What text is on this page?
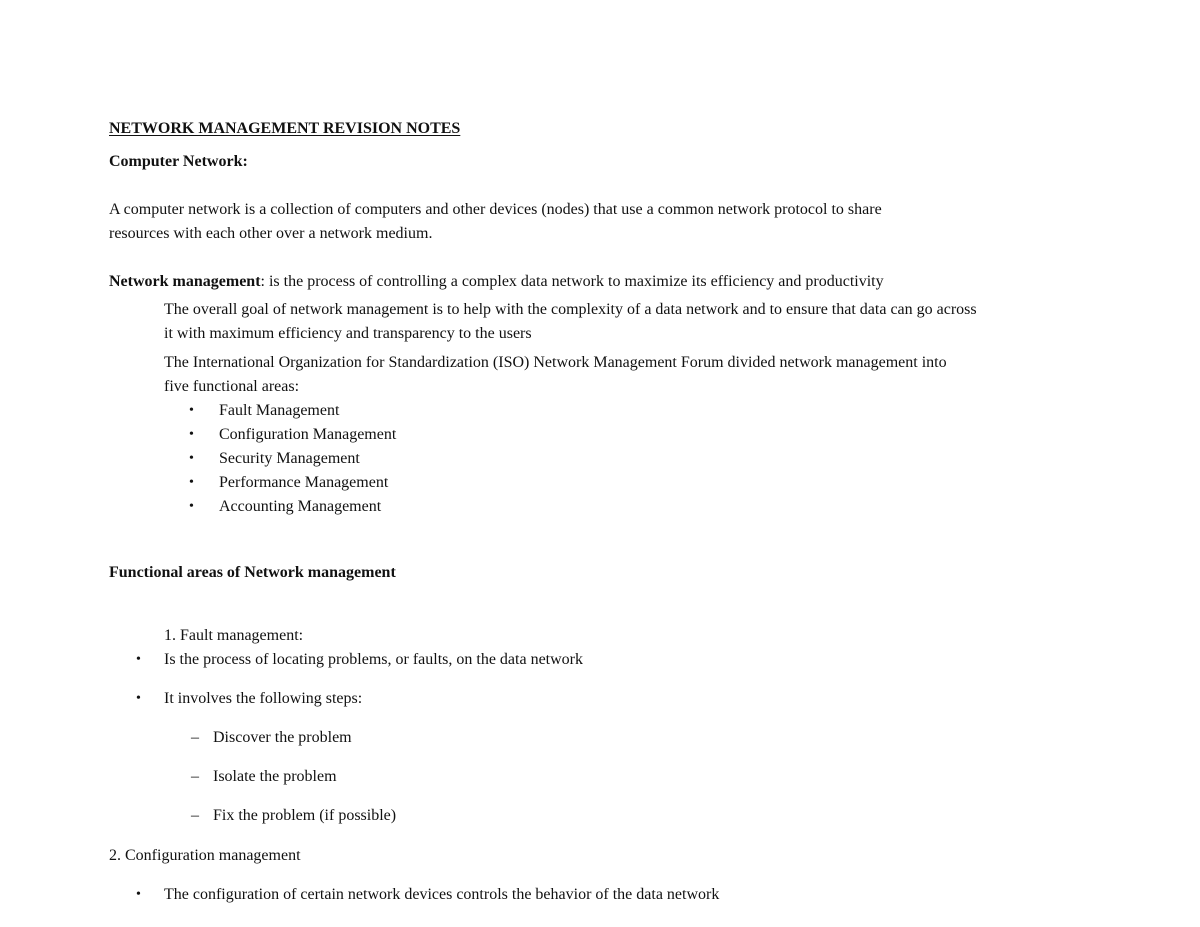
NETWORK MANAGEMENT REVISION NOTES
Computer Network:
A computer network is a collection of computers and other devices (nodes) that use a common network protocol to share
resources with each other over a network medium.
Network management: is the process of controlling a complex data network to maximize its efficiency and productivity
The overall goal of network management is to help with the complexity of a data network and to ensure that data can go across
it with maximum efficiency and transparency to the users
The International Organization for Standardization (ISO) Network Management Forum divided network management into
five functional areas:
• Fault Management
• Configuration Management
• Security Management
• Performance Management
• Accounting Management
Functional areas of Network management
1. Fault management:
• Is the process of locating problems, or faults, on the data network
• It involves the following steps:
– Discover the problem
– Isolate the problem
– Fix the problem (if possible)
2. Configuration management
• The configuration of certain network devices controls the behavior of the data network
